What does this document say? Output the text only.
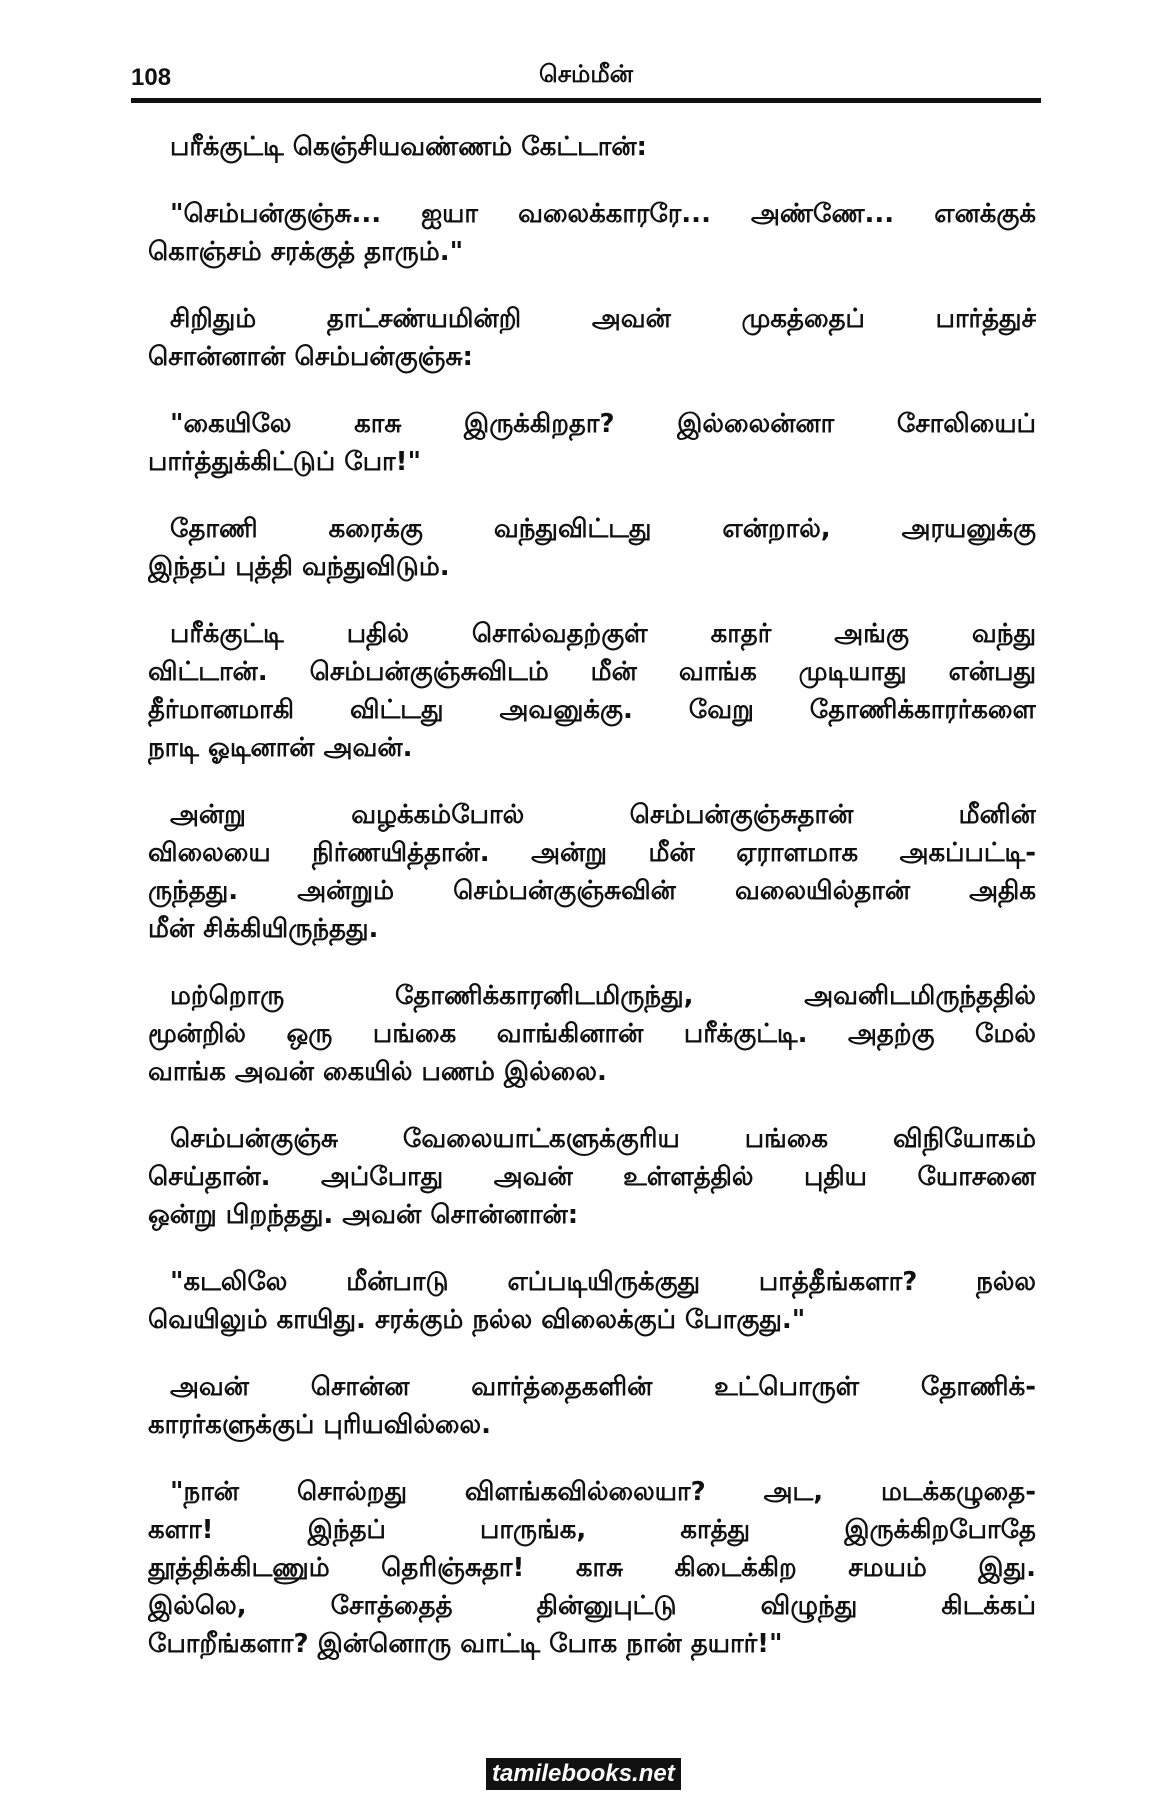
108	செம்மீன்
பரீக்குட்டி கெஞ்சியவண்ணம் கேட்டான்:
"செம்பன்குஞ்சு... ஐயா வலைக்காரரே... அண்ணே... எனக்குக்
கொஞ்சம் சரக்குத் தாரும்."
சிறிதும் தாட்சண்யமின்றி அவன் முகத்தைப் பார்த்துச்
சொன்னான் செம்பன்குஞ்சு:
"கையிலே காசு இருக்கிறதா? இல்லைன்னா சோலியைப்
பார்த்துக்கிட்டுப் போ!"
தோணி கரைக்கு வந்துவிட்டது என்றால், அரயனுக்கு
இந்தப் புத்தி வந்துவிடும்.
பரீக்குட்டி பதில் சொல்வதற்குள் காதர் அங்கு வந்து
விட்டான். செம்பன்குஞ்சுவிடம் மீன் வாங்க முடியாது என்பது
தீர்மானமாகி விட்டது அவனுக்கு. வேறு தோணிக்காரர்களை
நாடி ஓடினான் அவன்.
அன்று வழக்கம்போல் செம்பன்குஞ்சுதான் மீனின்
விலையை நிர்ணயித்தான். அன்று மீன் ஏராளமாக அகப்பட்டி-
ருந்தது. அன்றும் செம்பன்குஞ்சுவின் வலையில்தான் அதிக
மீன் சிக்கியிருந்தது.
மற்றொரு தோணிக்காரனிடமிருந்து, அவனிடமிருந்ததில்
மூன்றில் ஒரு பங்கை வாங்கினான் பரீக்குட்டி. அதற்கு மேல்
வாங்க அவன் கையில் பணம் இல்லை.
செம்பன்குஞ்சு வேலையாட்களுக்குரிய பங்கை விநியோகம்
செய்தான். அப்போது அவன் உள்ளத்தில் புதிய யோசனை
ஒன்று பிறந்தது. அவன் சொன்னான்:
"கடலிலே மீன்பாடு எப்படியிருக்குது பாத்தீங்களா? நல்ல
வெயிலும் காயிது. சரக்கும் நல்ல விலைக்குப் போகுது."
அவன் சொன்ன வார்த்தைகளின் உட்பொருள் தோணிக்-
காரர்களுக்குப் புரியவில்லை.
"நான் சொல்றது விளங்கவில்லையா? அட, மடக்கழுதை-
களா! இந்தப் பாருங்க, காத்து இருக்கிறபோதே
தூத்திக்கிடணும் தெரிஞ்சுதா! காசு கிடைக்கிற சமயம் இது.
இல்லெ, சோத்தைத் தின்னுபுட்டு விழுந்து கிடக்கப்
போறீங்களா? இன்னொரு வாட்டி போக நான் தயார்!"
tamilebooks.net
